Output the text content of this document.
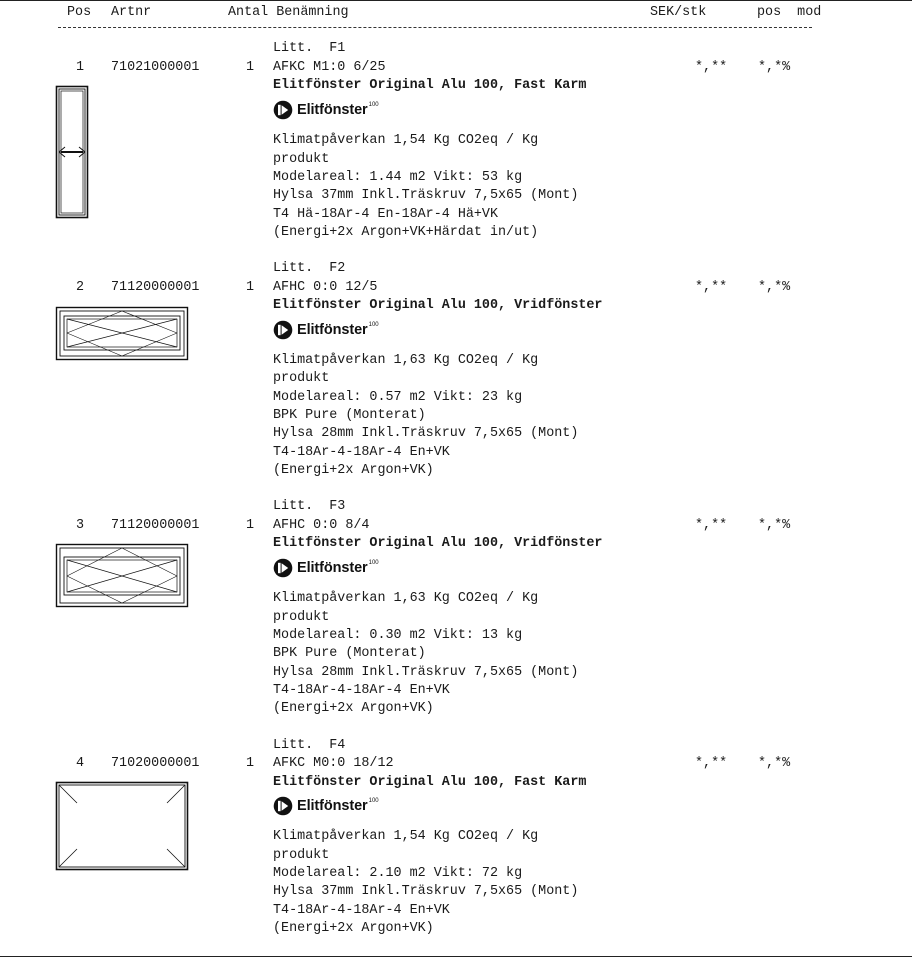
Pos Artnr	Antal Benämning	SEK/stk	pos  mod
Litt.  F1
1 71021000001	1 AFKC M1:0 6/25	*,** *,*%
Elitfönster Original Alu 100, Fast Karm
Elitfönster 100
Klimatpåverkan 1,54 Kg CO2eq / Kg
produkt
Modelareal: 1.44 m2 Vikt: 53 kg
Hylsa 37mm Inkl.Träskruv 7,5x65 (Mont)
T4 Hä-18Ar-4 En-18Ar-4 Hä+VK
(Energi+2x Argon+VK+Härdat in/ut)
Litt.  F2
2 71120000001	1 AFHC 0:0 12/5	*,** *,*%
Elitfönster Original Alu 100, Vridfönster
Elitfönster 100
Klimatpåverkan 1,63 Kg CO2eq / Kg
produkt
Modelareal: 0.57 m2 Vikt: 23 kg
BPK Pure (Monterat)
Hylsa 28mm Inkl.Träskruv 7,5x65 (Mont)
T4-18Ar-4-18Ar-4 En+VK
(Energi+2x Argon+VK)
Litt.  F3
3 71120000001	1 AFHC 0:0 8/4	*,** *,*%
Elitfönster Original Alu 100, Vridfönster
Elitfönster 100
Klimatpåverkan 1,63 Kg CO2eq / Kg
produkt
Modelareal: 0.30 m2 Vikt: 13 kg
BPK Pure (Monterat)
Hylsa 28mm Inkl.Träskruv 7,5x65 (Mont)
T4-18Ar-4-18Ar-4 En+VK
(Energi+2x Argon+VK)
Litt.  F4
4 71020000001	1 AFKC M0:0 18/12	*,** *,*%
Elitfönster Original Alu 100, Fast Karm
Elitfönster 100
Klimatpåverkan 1,54 Kg CO2eq / Kg
produkt
Modelareal: 2.10 m2 Vikt: 72 kg
Hylsa 37mm Inkl.Träskruv 7,5x65 (Mont)
T4-18Ar-4-18Ar-4 En+VK
(Energi+2x Argon+VK)
